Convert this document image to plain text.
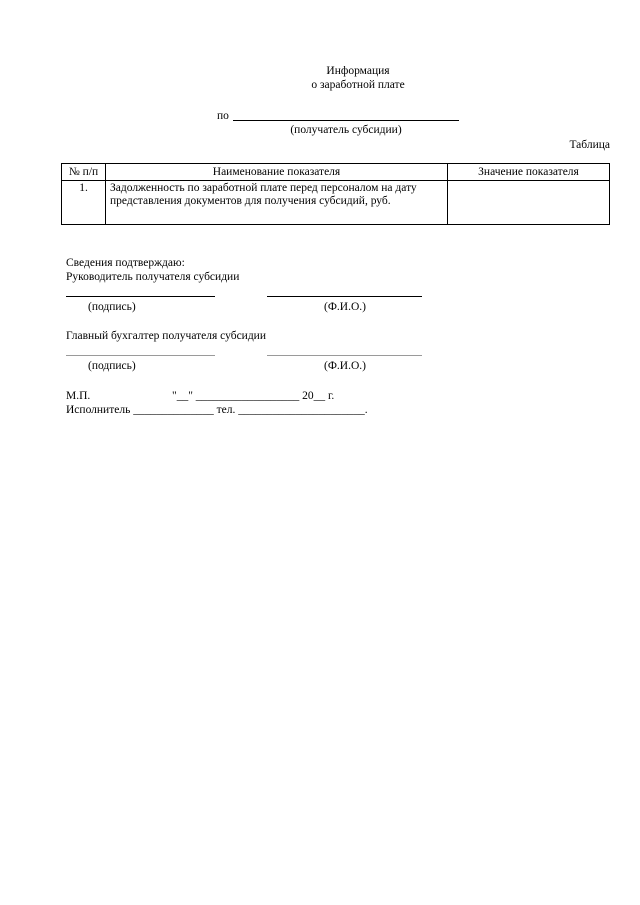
Информация
о заработной плате
по
(получатель субсидии)
Таблица
№ п/п	Наименование показателя	Значение показателя
1.	Задолженность по заработной плате перед персоналом на дату представления документов для получения субсидий, руб.	
Сведения подтверждаю:
Руководитель получателя субсидии
(подпись)	(Ф.И.О.)
Главный бухгалтер получателя субсидии
(подпись)	(Ф.И.О.)
М.П.	"__" __________________ 20__ г.
Исполнитель ______________ тел. ______________________.
